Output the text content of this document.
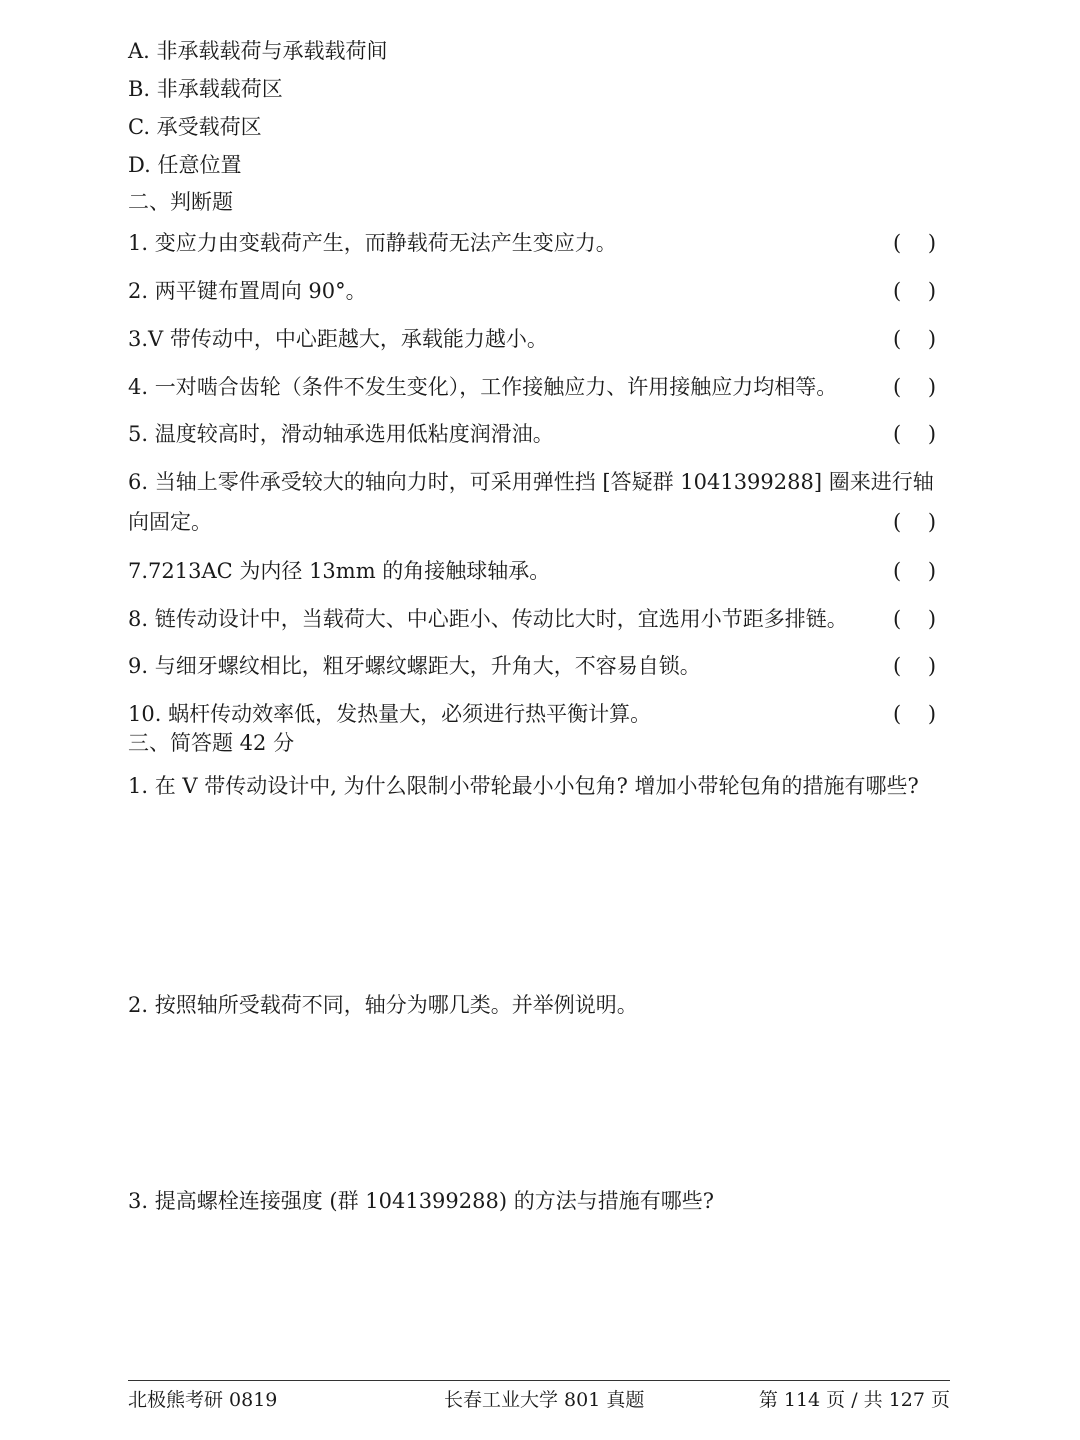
A. 非承载载荷与承载载荷间
B. 非承载载荷区
C. 承受载荷区
D. 任意位置
二、判断题
1. 变应力由变载荷产生，而静载荷无法产生变应力。	(    )
2. 两平键布置周向 90°。	(    )
3.V 带传动中，中心距越大，承载能力越小。	(    )
4. 一对啮合齿轮（条件不发生变化），工作接触应力、许用接触应力均相等。	(    )
5. 温度较高时，滑动轴承选用低粘度润滑油。	(    )
6. 当轴上零件承受较大的轴向力时，可采用弹性挡 [答疑群 1041399288] 圈来进行轴向固定。	(    )
7.7213AC 为内径 13mm 的角接触球轴承。	(    )
8. 链传动设计中，当载荷大、中心距小、传动比大时，宜选用小节距多排链。	(    )
9. 与细牙螺纹相比，粗牙螺纹螺距大，升角大，不容易自锁。	(    )
10. 蜗杆传动效率低，发热量大，必须进行热平衡计算。	(    )
三、简答题 42 分
1. 在 V 带传动设计中, 为什么限制小带轮最小小包角? 增加小带轮包角的措施有哪些?
2. 按照轴所受载荷不同，轴分为哪几类。并举例说明。
3. 提高螺栓连接强度 (群 1041399288) 的方法与措施有哪些?
北极熊考研 0819	长春工业大学 801 真题	第 114 页 / 共 127 页
